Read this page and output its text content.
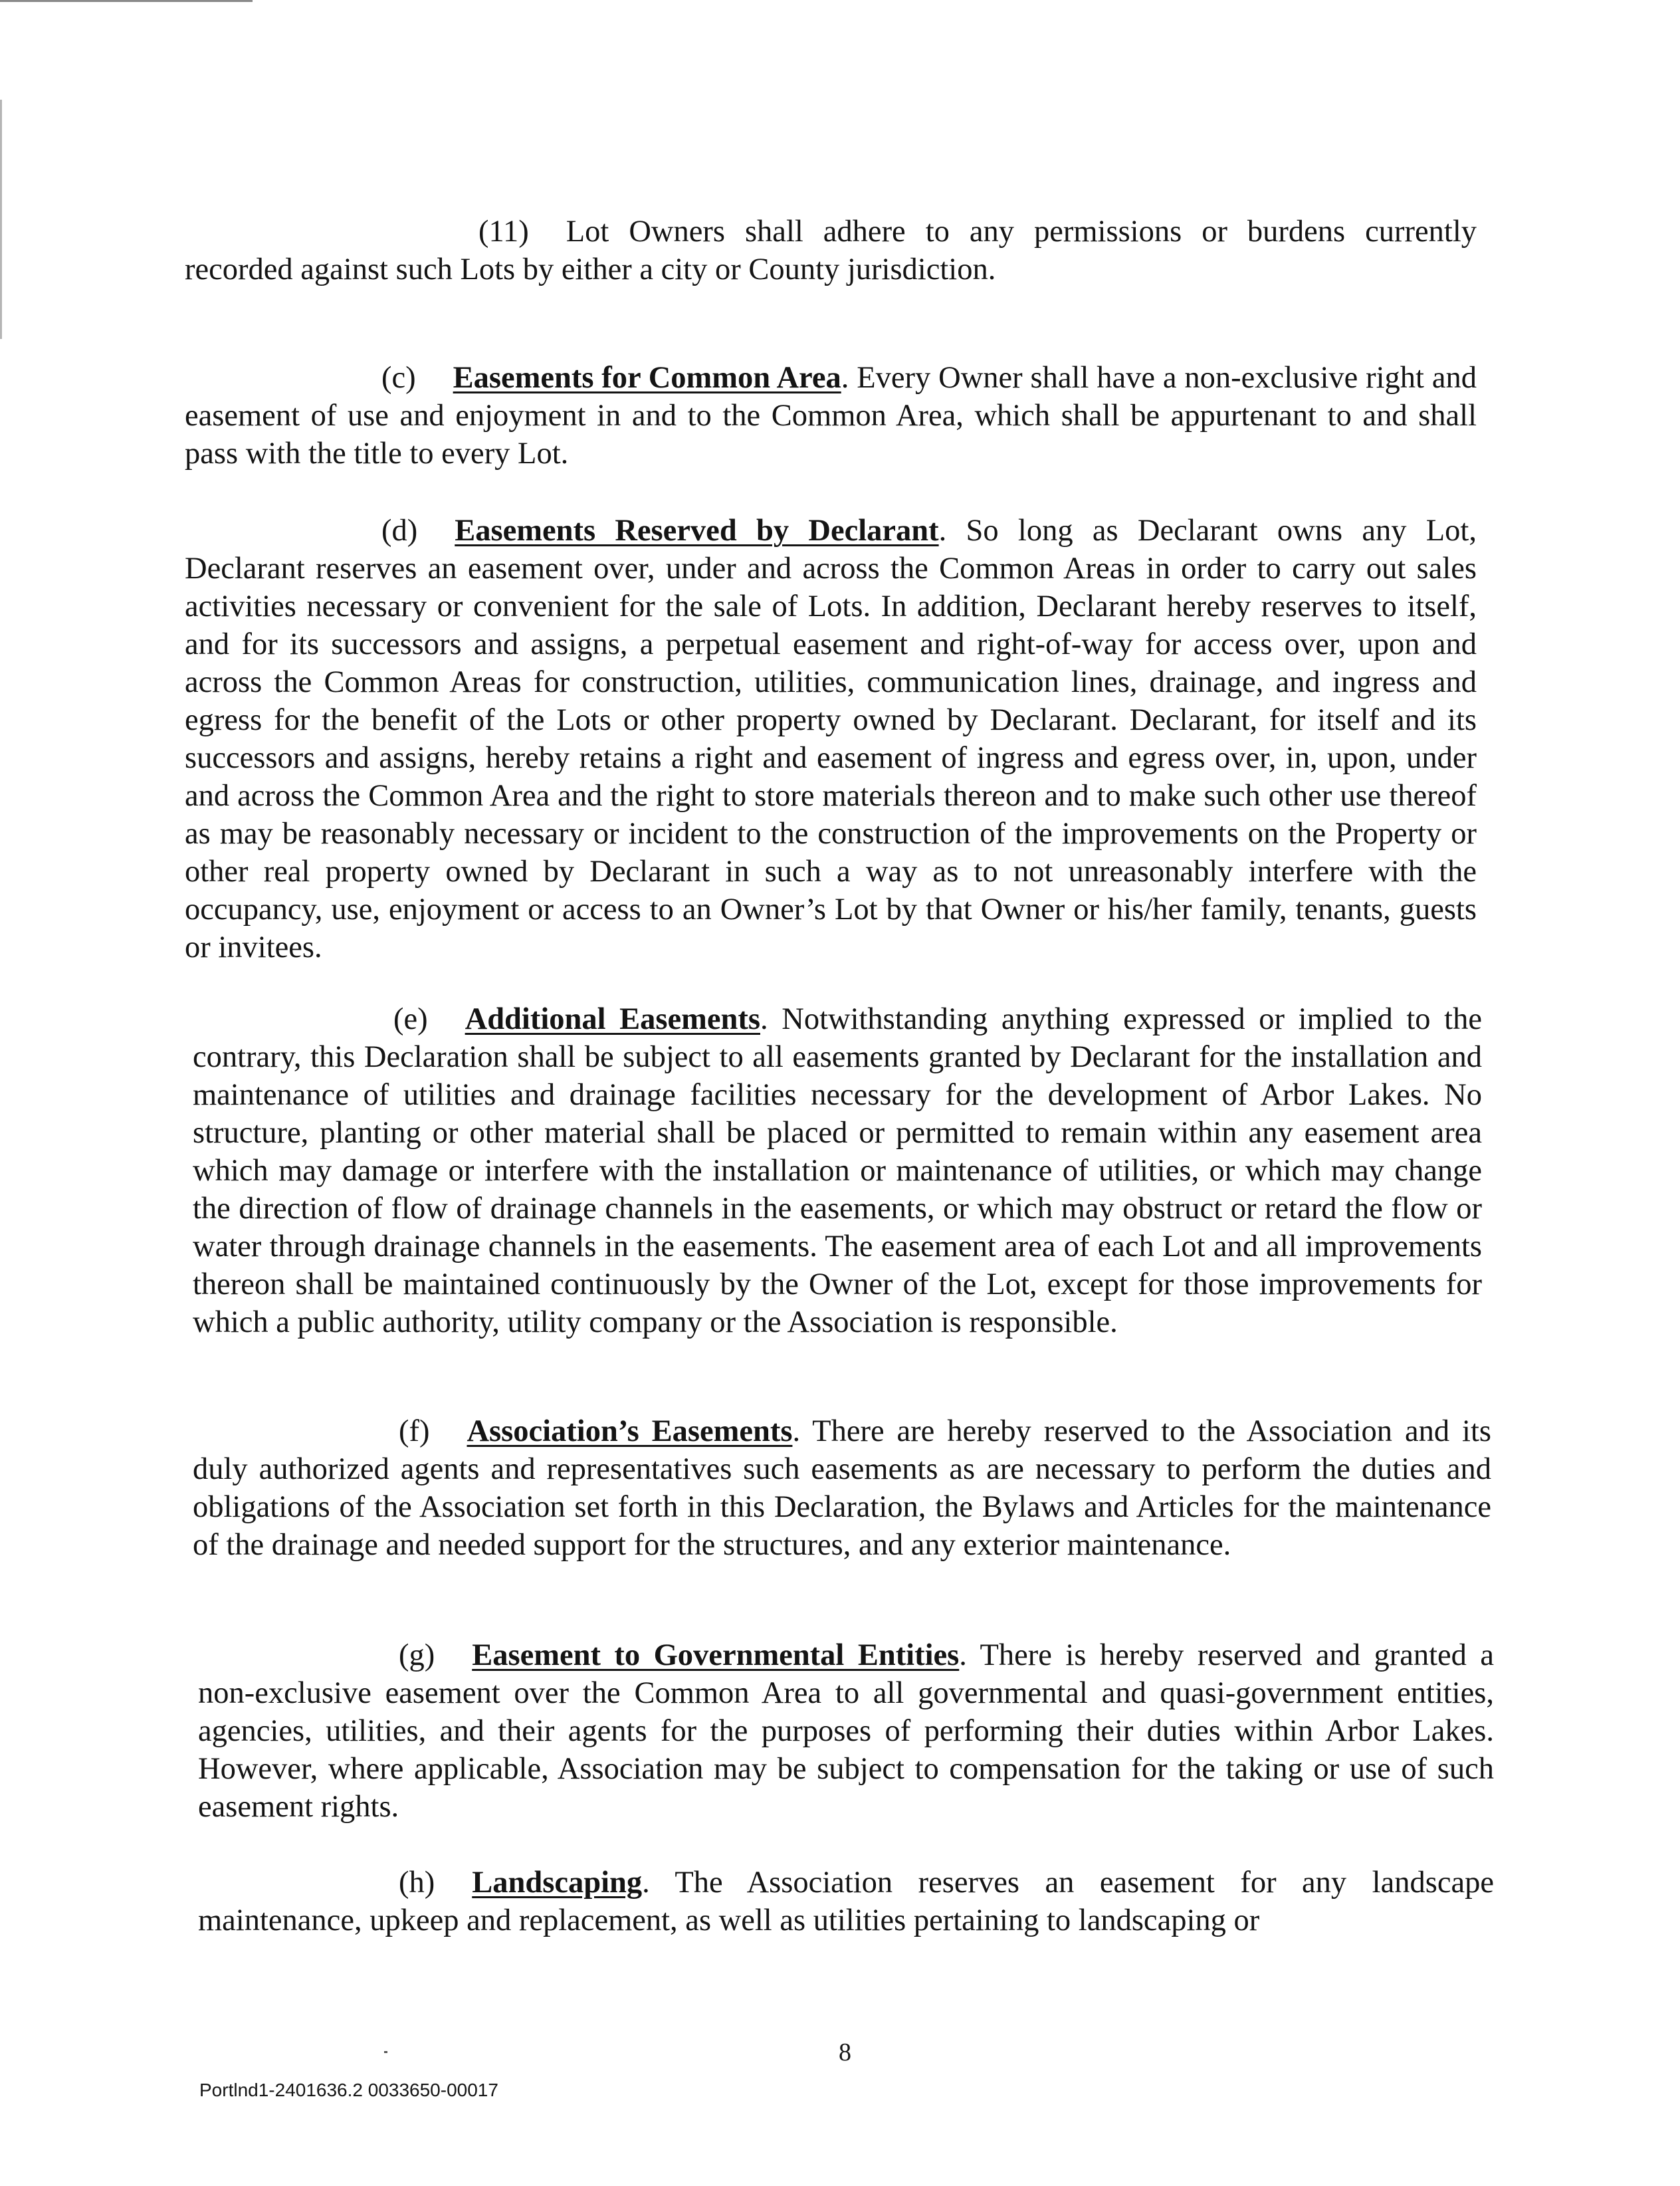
(11) Lot Owners shall adhere to any permissions or burdens currently recorded against such Lots by either a city or County jurisdiction.

(c) Easements for Common Area. Every Owner shall have a non-exclusive right and easement of use and enjoyment in and to the Common Area, which shall be appurtenant to and shall pass with the title to every Lot.

(d) Easements Reserved by Declarant. So long as Declarant owns any Lot, Declarant reserves an easement over, under and across the Common Areas in order to carry out sales activities necessary or convenient for the sale of Lots. In addition, Declarant hereby reserves to itself, and for its successors and assigns, a perpetual easement and right-of-way for access over, upon and across the Common Areas for construction, utilities, communication lines, drainage, and ingress and egress for the benefit of the Lots or other property owned by Declarant. Declarant, for itself and its successors and assigns, hereby retains a right and easement of ingress and egress over, in, upon, under and across the Common Area and the right to store materials thereon and to make such other use thereof as may be reasonably necessary or incident to the construction of the improvements on the Property or other real property owned by Declarant in such a way as to not unreasonably interfere with the occupancy, use, enjoyment or access to an Owner’s Lot by that Owner or his/her family, tenants, guests or invitees.

(e) Additional Easements. Notwithstanding anything expressed or implied to the contrary, this Declaration shall be subject to all easements granted by Declarant for the installation and maintenance of utilities and drainage facilities necessary for the development of Arbor Lakes. No structure, planting or other material shall be placed or permitted to remain within any easement area which may damage or interfere with the installation or maintenance of utilities, or which may change the direction of flow of drainage channels in the easements, or which may obstruct or retard the flow or water through drainage channels in the easements. The easement area of each Lot and all improvements thereon shall be maintained continuously by the Owner of the Lot, except for those improvements for which a public authority, utility company or the Association is responsible.

(f) Association’s Easements. There are hereby reserved to the Association and its duly authorized agents and representatives such easements as are necessary to perform the duties and obligations of the Association set forth in this Declaration, the Bylaws and Articles for the maintenance of the drainage and needed support for the structures, and any exterior maintenance.

(g) Easement to Governmental Entities. There is hereby reserved and granted a non-exclusive easement over the Common Area to all governmental and quasi-government entities, agencies, utilities, and their agents for the purposes of performing their duties within Arbor Lakes. However, where applicable, Association may be subject to compensation for the taking or use of such easement rights.

(h) Landscaping. The Association reserves an easement for any landscape maintenance, upkeep and replacement, as well as utilities pertaining to landscaping or

8
Portlnd1-2401636.2 0033650-00017
